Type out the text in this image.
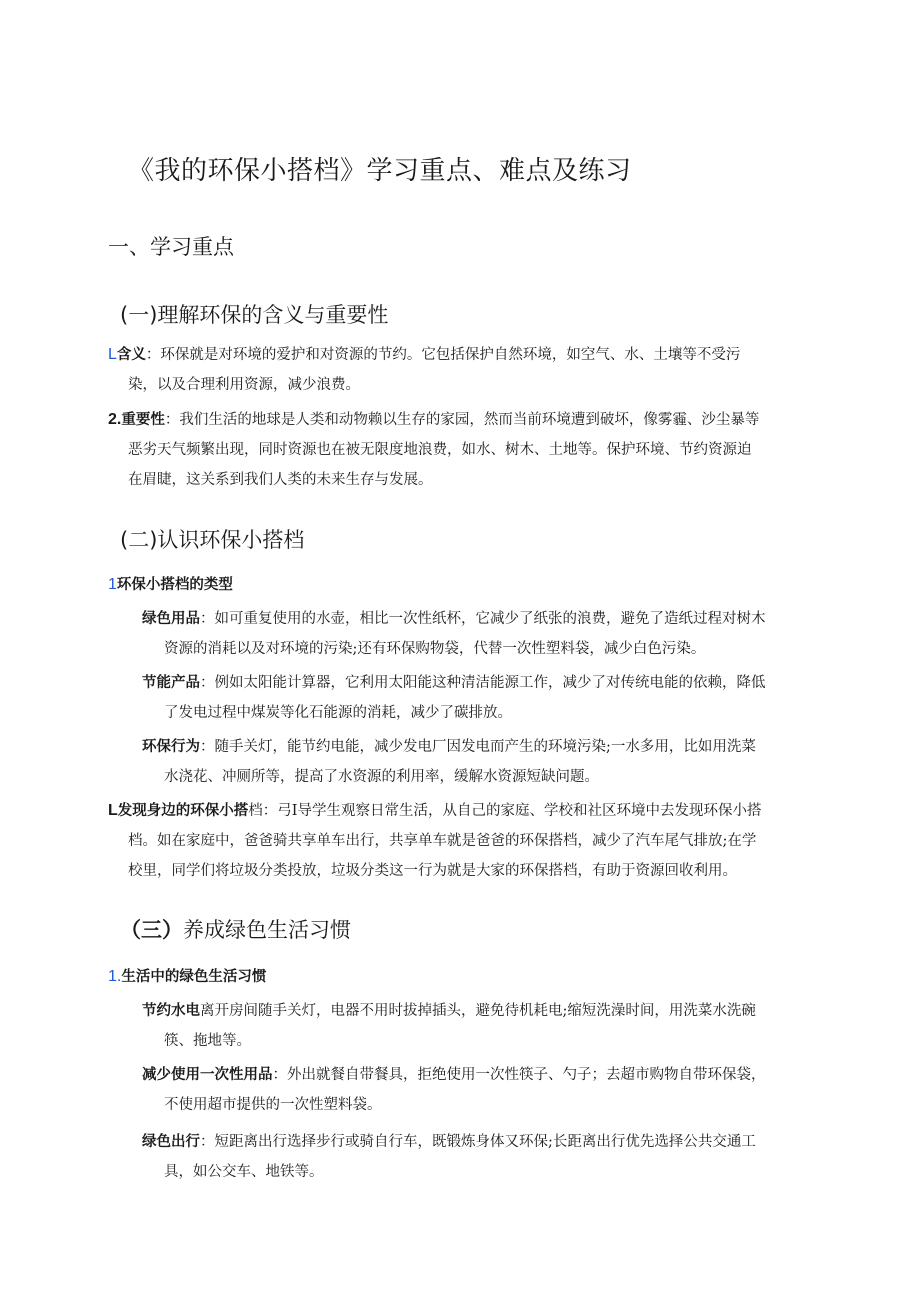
《我的环保小搭档》学习重点、难点及练习
一、学习重点
(一)理解环保的含义与重要性
L含义：环保就是对环境的爱护和对资源的节约。它包括保护自然环境，如空气、水、土壤等不受污
染，以及合理利用资源，减少浪费。
2.重要性：我们生活的地球是人类和动物赖以生存的家园，然而当前环境遭到破坏，像雾霾、沙尘暴等
恶劣天气频繁出现，同时资源也在被无限度地浪费，如水、树木、土地等。保护环境、节约资源迫
在眉睫，这关系到我们人类的未来生存与发展。
(二)认识环保小搭档
1环保小搭档的类型
绿色用品：如可重复使用的水壶，相比一次性纸杯，它减少了纸张的浪费，避免了造纸过程对树木
资源的消耗以及对环境的污染;还有环保购物袋，代替一次性塑料袋，减少白色污染。
节能产品：例如太阳能计算器，它利用太阳能这种清洁能源工作，减少了对传统电能的依赖，降低
了发电过程中煤炭等化石能源的消耗，减少了碳排放。
环保行为：随手关灯，能节约电能，减少发电厂因发电而产生的环境污染;一水多用，比如用洗菜
水浇花、冲厕所等，提高了水资源的利用率，缓解水资源短缺问题。
L发现身边的环保小搭档：弓I导学生观察日常生活，从自己的家庭、学校和社区环境中去发现环保小搭
档。如在家庭中，爸爸骑共享单车出行，共享单车就是爸爸的环保搭档，减少了汽车尾气排放;在学
校里，同学们将垃圾分类投放，垃圾分类这一行为就是大家的环保搭档，有助于资源回收利用。
（三）养成绿色生活习惯
1.生活中的绿色生活习惯
节约水电离开房间随手关灯，电器不用时拔掉插头，避免待机耗电;缩短洗澡时间，用洗菜水洗碗
筷、拖地等。
减少使用一次性用品：外出就餐自带餐具，拒绝使用一次性筷子、勺子；去超市购物自带环保袋，
不使用超市提供的一次性塑料袋。
绿色出行：短距离出行选择步行或骑自行车，既锻炼身体又环保;长距离出行优先选择公共交通工
具，如公交车、地铁等。
